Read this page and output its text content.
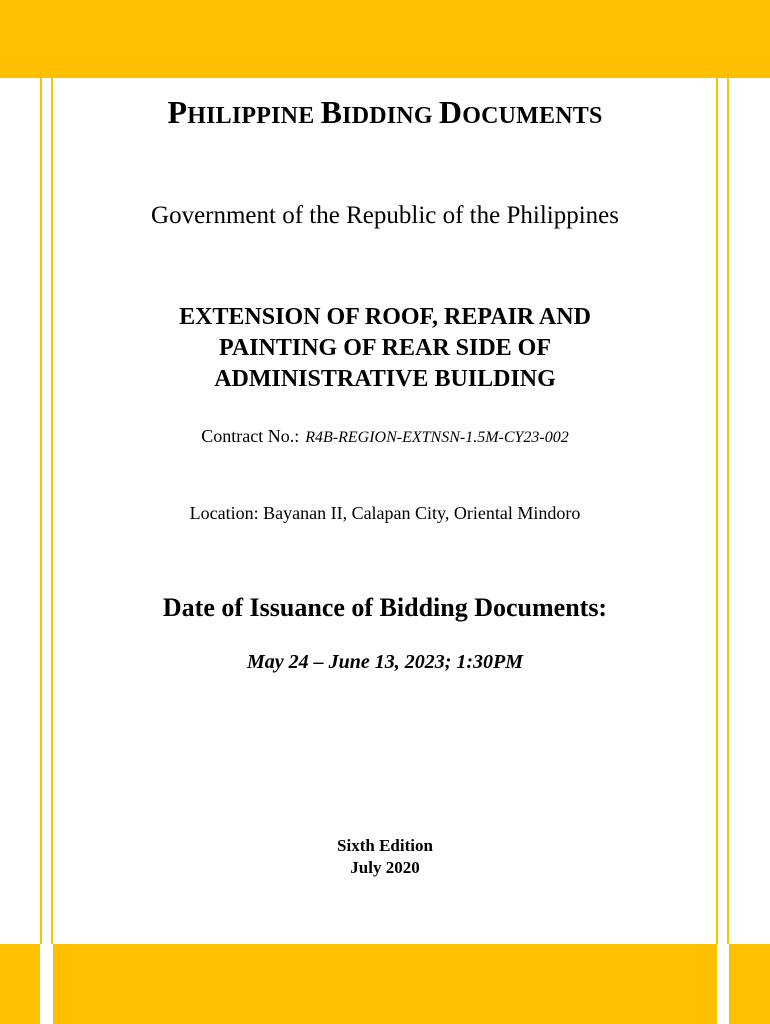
PHILIPPINE BIDDING DOCUMENTS
Government of the Republic of the Philippines
EXTENSION OF ROOF, REPAIR AND
PAINTING OF REAR SIDE OF
ADMINISTRATIVE BUILDING
Contract No.: R4B-REGION-EXTNSN-1.5M-CY23-002
Location: Bayanan II, Calapan City, Oriental Mindoro
Date of Issuance of Bidding Documents:
May 24 – June 13, 2023; 1:30PM
Sixth Edition
July 2020
